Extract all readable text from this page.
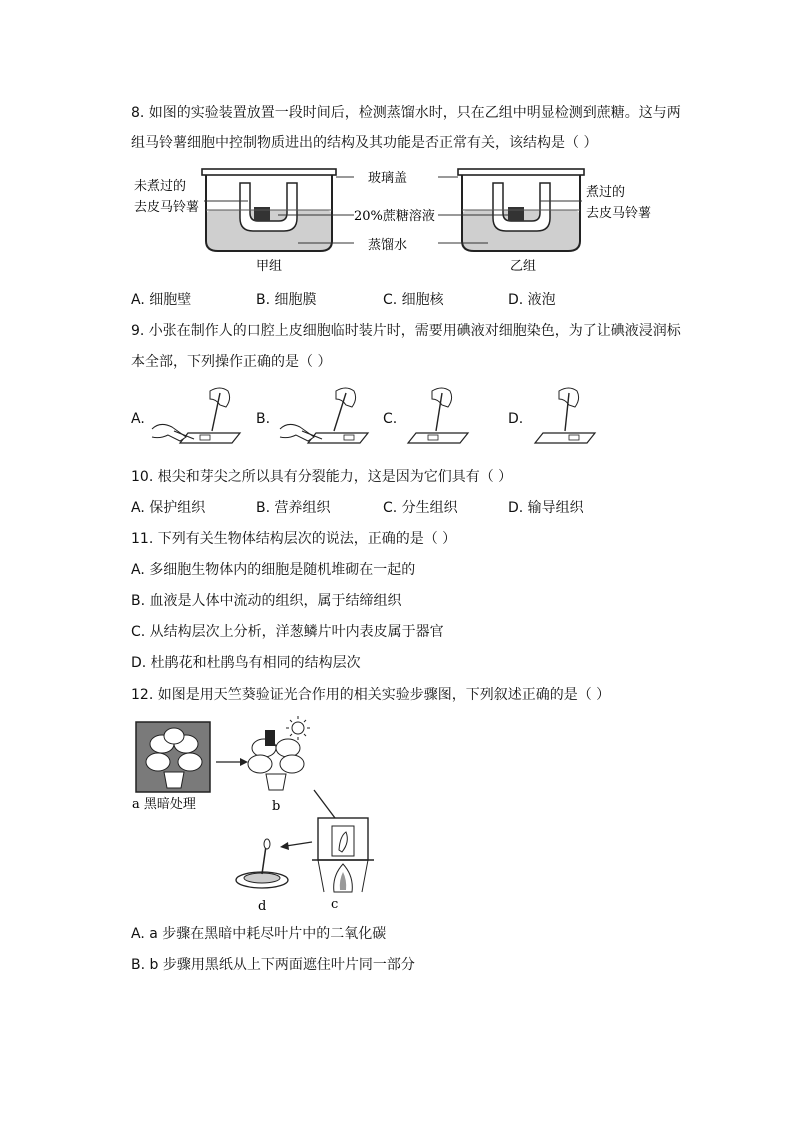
8. 如图的实验装置放置一段时间后，检测蒸馏水时，只在乙组中明显检测到蔗糖。这与两
组马铃薯细胞中控制物质进出的结构及其功能是否正常有关，该结构是（ ）
未煮过的
去皮马铃薯
玻璃盖
20%蔗糖溶液
蒸馏水
煮过的
去皮马铃薯
甲组	乙组
A. 细胞壁	B. 细胞膜	C. 细胞核	D. 液泡
9. 小张在制作人的口腔上皮细胞临时装片时，需要用碘液对细胞染色，为了让碘液浸润标
本全部，下列操作正确的是（ ）
A.	B.	C.	D.
10. 根尖和芽尖之所以具有分裂能力，这是因为它们具有（ ）
A. 保护组织	B. 营养组织	C. 分生组织	D. 输导组织
11. 下列有关生物体结构层次的说法，正确的是（ ）
A. 多细胞生物体内的细胞是随机堆砌在一起的
B. 血液是人体中流动的组织，属于结缔组织
C. 从结构层次上分析，洋葱鳞片叶内表皮属于器官
D. 杜鹃花和杜鹃鸟有相同的结构层次
12. 如图是用天竺葵验证光合作用的相关实验步骤图，下列叙述正确的是（ ）
a 黑暗处理	b
c
d
A. a 步骤在黑暗中耗尽叶片中的二氧化碳
B. b 步骤用黑纸从上下两面遮住叶片同一部分
